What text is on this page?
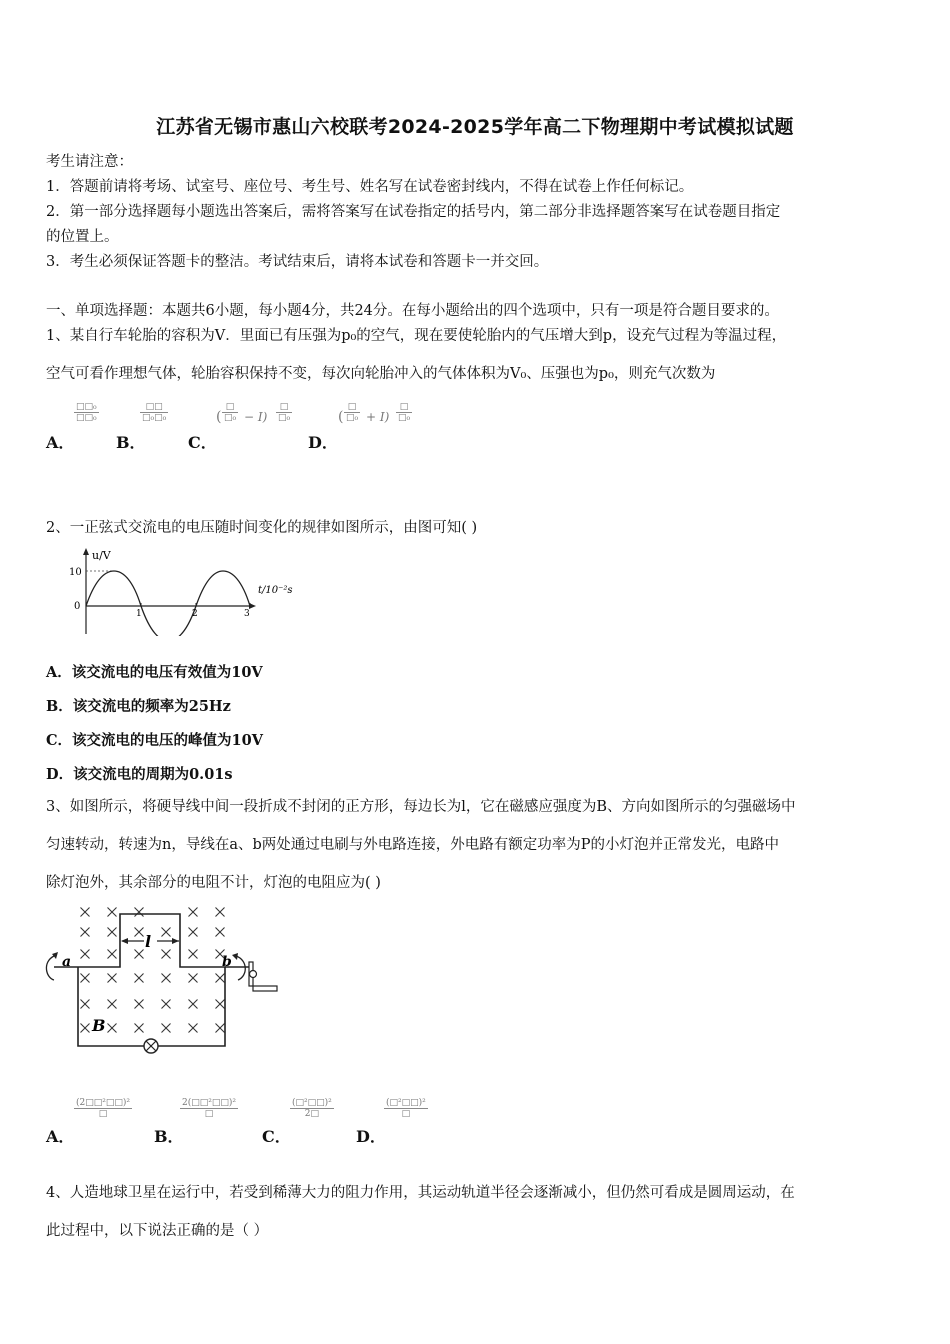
江苏省无锡市惠山六校联考2024-2025学年高二下物理期中考试模拟试题
考生请注意：
1．答题前请将考场、试室号、座位号、考生号、姓名写在试卷密封线内，不得在试卷上作任何标记。
2．第一部分选择题每小题选出答案后，需将答案写在试卷指定的括号内，第二部分非选择题答案写在试卷题目指定
的位置上。
3．考生必须保证答题卡的整洁。考试结束后，请将本试卷和答题卡一并交回。
一、单项选择题：本题共6小题，每小题4分，共24分。在每小题给出的四个选项中，只有一项是符合题目要求的。
1、某自行车轮胎的容积为V．里面已有压强为p₀的空气，现在要使轮胎内的气压增大到p，设充气过程为等温过程，
空气可看作理想气体，轮胎容积保持不变，每次向轮胎冲入的气体体积为V₀、压强也为p₀，则充气次数为
A．
□□₀
□□₀
B．
□□
□₀□₀
C．
(
□
□₀ − I)
□
□₀
D．
(
□
□₀ + I)
□
□₀
2、一正弦式交流电的电压随时间变化的规律如图所示，由图可知( )
u/V
10
0
t/10⁻²s
1	2	3
A．该交流电的电压有效值为10V
B．该交流电的频率为25Hz
C．该交流电的电压的峰值为10V
D．该交流电的周期为0.01s
3、如图所示，将硬导线中间一段折成不封闭的正方形，每边长为l，它在磁感应强度为B、方向如图所示的匀强磁场中
匀速转动，转速为n，导线在a、b两处通过电刷与外电路连接，外电路有额定功率为P的小灯泡并正常发光，电路中
除灯泡外，其余部分的电阻不计，灯泡的电阻应为( )
l
a	b
B
A．
(2□□²□□)²
□
B．
2(□□²□□)²
□
C．
(□²□□)²
2□
D．
(□²□□)²
□
4、人造地球卫星在运行中，若受到稀薄大力的阻力作用，其运动轨道半径会逐渐减小，但仍然可看成是圆周运动，在
此过程中，以下说法正确的是（ ）
